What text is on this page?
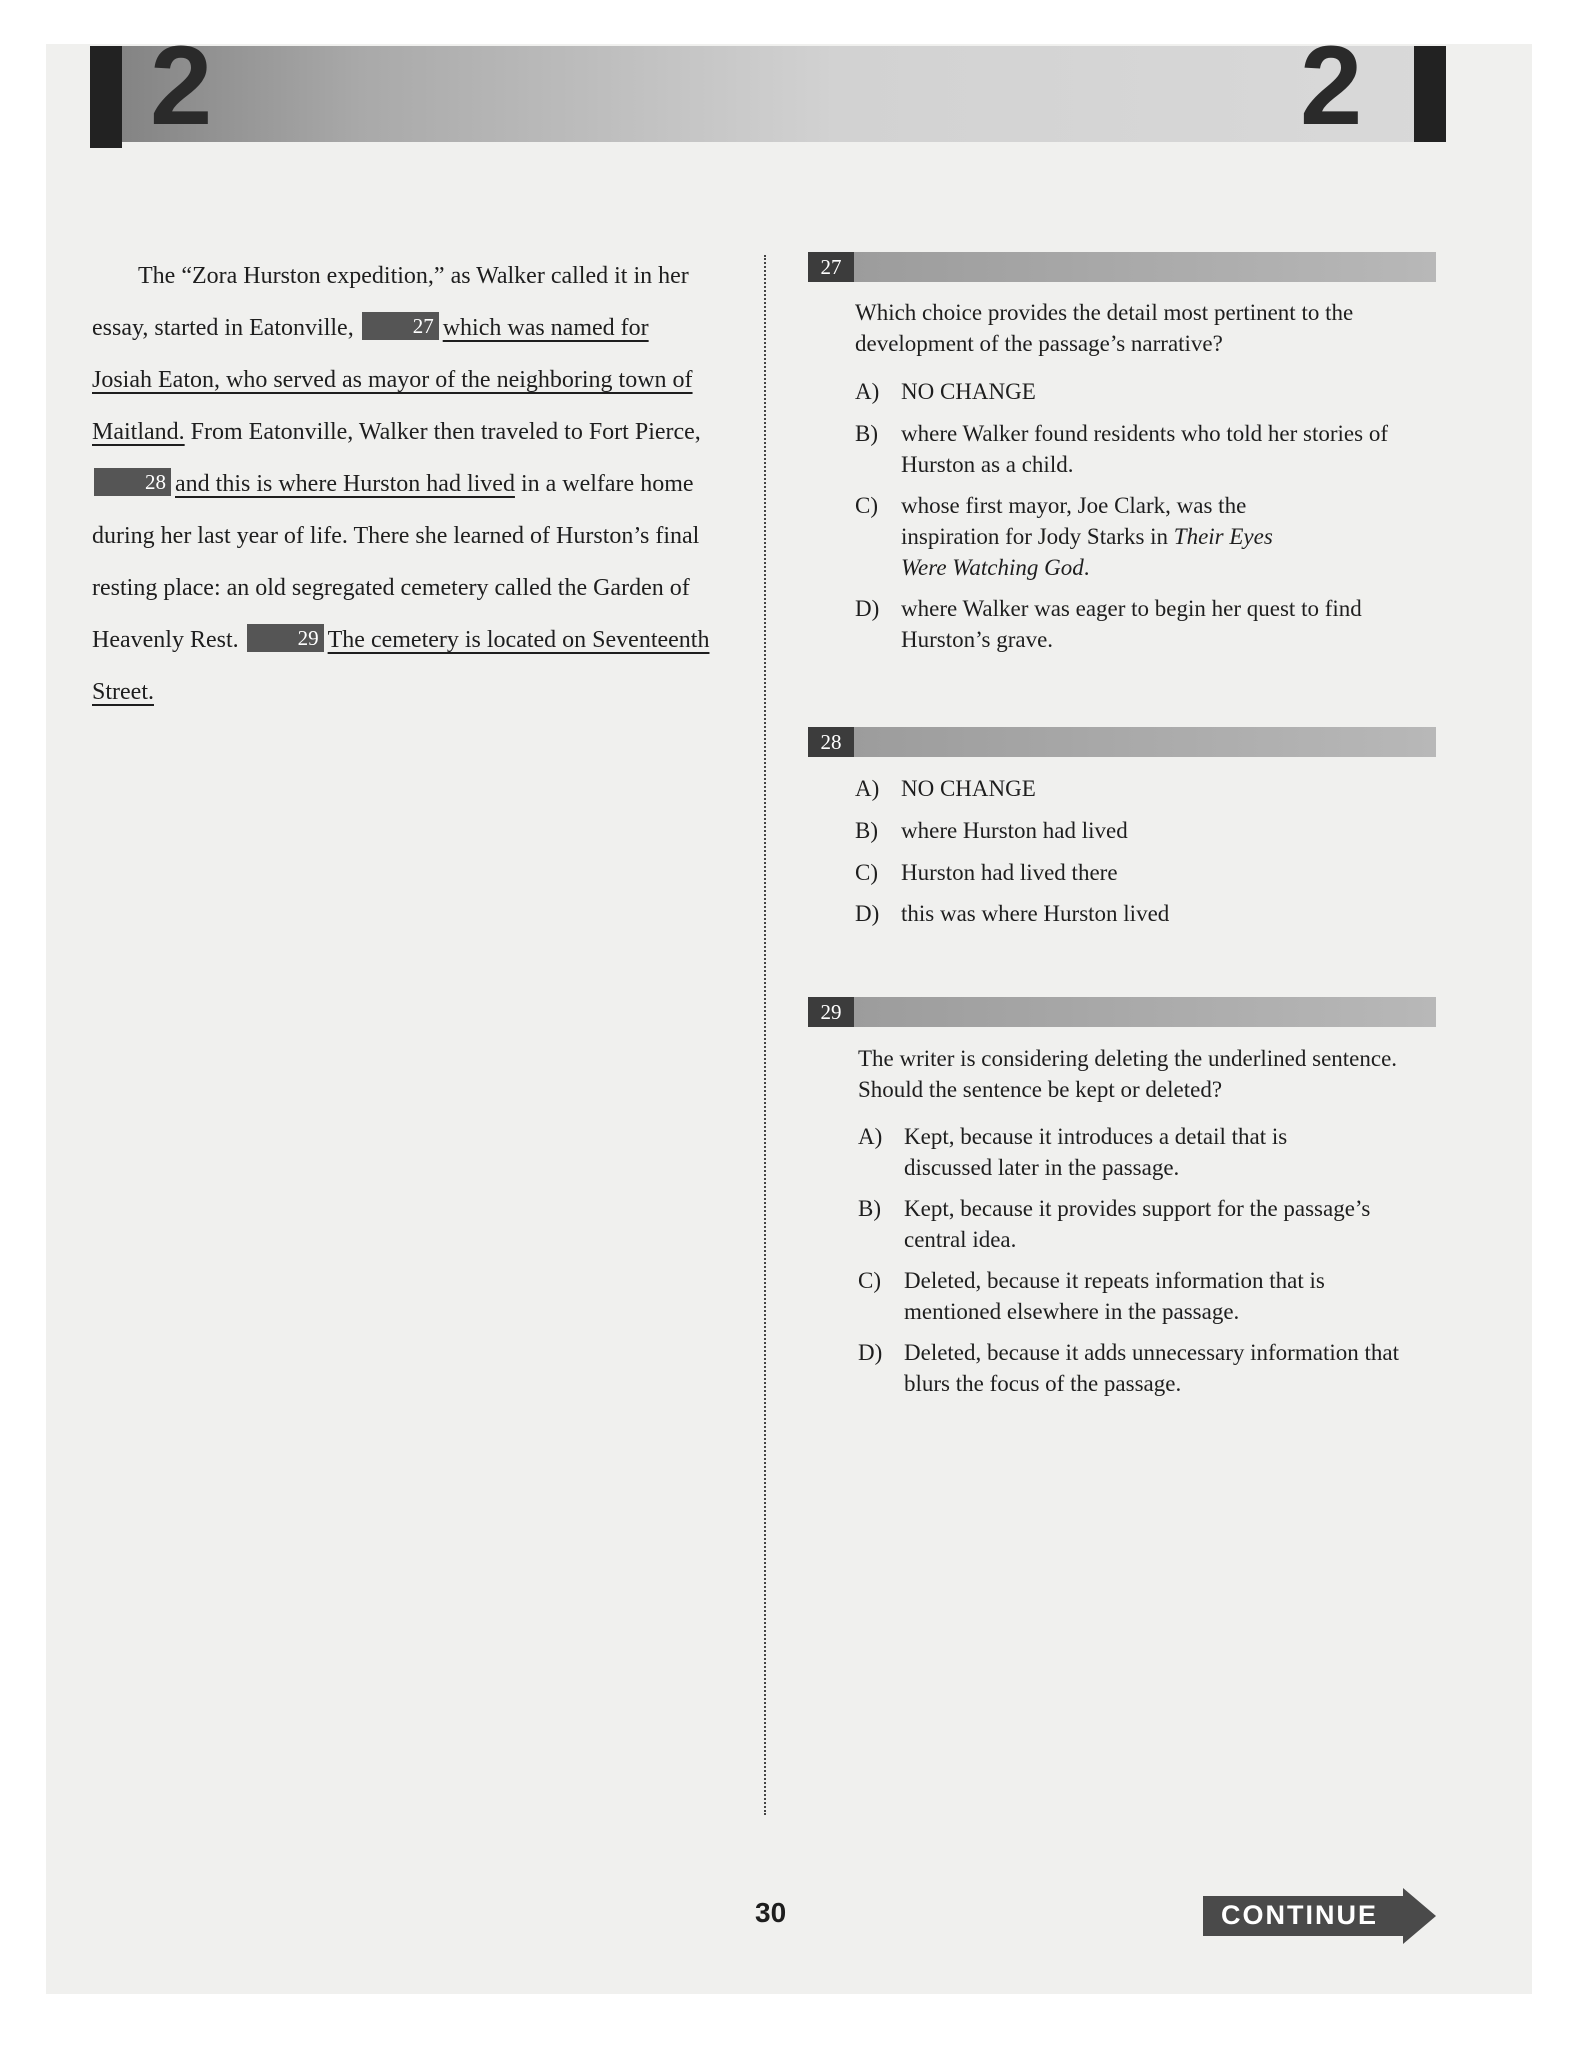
2	2

The “Zora Hurston expedition,” as Walker called it in her essay, started in Eatonville,	27 which was named for Josiah Eaton, who served as mayor of the neighboring town of Maitland. From Eatonville, Walker then traveled to Fort Pierce, 28 and this is where Hurston had lived in a welfare home during her last year of life. There she learned of Hurston’s final resting place: an old segregated cemetery called the Garden of Heavenly Rest.	29 The cemetery is located on Seventeenth Street.

27

Which choice provides the detail most pertinent to the development of the passage’s narrative?

A) NO CHANGE
B)	where Walker found residents who told her stories of Hurston as a child.
C)	whose first mayor, Joe Clark, was the inspiration for Jody Starks in Their Eyes Were Watching God.
D) where Walker was eager to begin her quest to find Hurston’s grave.
28
A) NO CHANGE
B)	where Hurston had lived
C)	Hurston had lived there
D) this was where Hurston lived
29

The writer is considering deleting the underlined sentence. Should the sentence be kept or deleted?

A) Kept, because it introduces a detail that is discussed later in the passage.
B)	Kept, because it provides support for the passage’s central idea.
C)	Deleted, because it repeats information that is mentioned elsewhere in the passage.
D) Deleted, because it adds unnecessary information that blurs the focus of the passage.
30	CONTINUE
